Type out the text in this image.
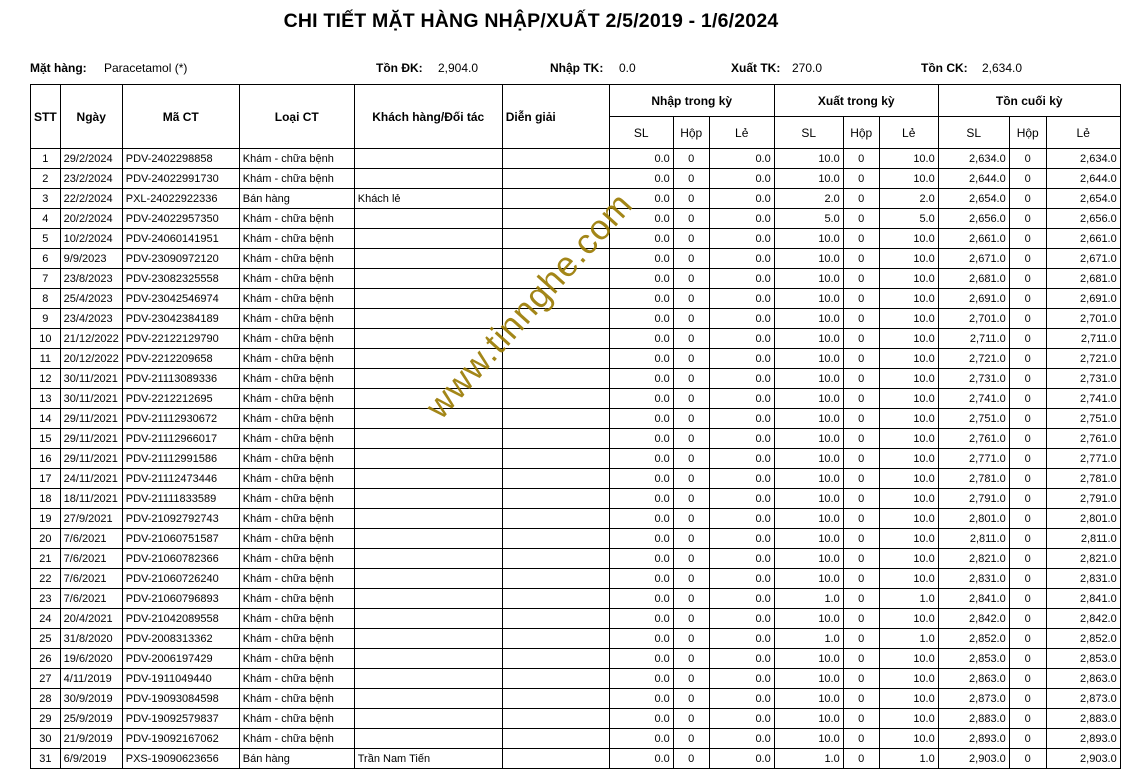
CHI TIẾT MẶT HÀNG NHẬP/XUẤT 2/5/2019 - 1/6/2024
Mặt hàng: Paracetamol (*)	Tồn ĐK: 2,904.0	Nhập TK: 0.0	Xuất TK: 270.0	Tồn CK: 2,634.0
STT	Ngày	Mã CT	Loại CT	Khách hàng/Đối tác	Diễn giải	Nhập trong kỳ			Xuất trong kỳ			Tồn cuối kỳ		
						SL	Hộp	Lẻ	SL	Hộp	Lẻ	SL	Hộp	Lẻ
1	29/2/2024	PDV-2402298858	Khám - chữa bệnh			0.0	0	0.0	10.0	0	10.0	2,634.0	0	2,634.0
2	23/2/2024	PDV-24022991730	Khám - chữa bệnh			0.0	0	0.0	10.0	0	10.0	2,644.0	0	2,644.0
3	22/2/2024	PXL-24022922336	Bán hàng	Khách lẻ		0.0	0	0.0	2.0	0	2.0	2,654.0	0	2,654.0
4	20/2/2024	PDV-24022957350	Khám - chữa bệnh			0.0	0	0.0	5.0	0	5.0	2,656.0	0	2,656.0
5	10/2/2024	PDV-24060141951	Khám - chữa bệnh			0.0	0	0.0	10.0	0	10.0	2,661.0	0	2,661.0
6	9/9/2023	PDV-23090972120	Khám - chữa bệnh			0.0	0	0.0	10.0	0	10.0	2,671.0	0	2,671.0
7	23/8/2023	PDV-23082325558	Khám - chữa bệnh			0.0	0	0.0	10.0	0	10.0	2,681.0	0	2,681.0
8	25/4/2023	PDV-23042546974	Khám - chữa bệnh			0.0	0	0.0	10.0	0	10.0	2,691.0	0	2,691.0
9	23/4/2023	PDV-23042384189	Khám - chữa bệnh			0.0	0	0.0	10.0	0	10.0	2,701.0	0	2,701.0
10	21/12/2022	PDV-22122129790	Khám - chữa bệnh			0.0	0	0.0	10.0	0	10.0	2,711.0	0	2,711.0
11	20/12/2022	PDV-2212209658	Khám - chữa bệnh			0.0	0	0.0	10.0	0	10.0	2,721.0	0	2,721.0
12	30/11/2021	PDV-21113089336	Khám - chữa bệnh			0.0	0	0.0	10.0	0	10.0	2,731.0	0	2,731.0
13	30/11/2021	PDV-2212212695	Khám - chữa bệnh			0.0	0	0.0	10.0	0	10.0	2,741.0	0	2,741.0
14	29/11/2021	PDV-21112930672	Khám - chữa bệnh			0.0	0	0.0	10.0	0	10.0	2,751.0	0	2,751.0
15	29/11/2021	PDV-21112966017	Khám - chữa bệnh			0.0	0	0.0	10.0	0	10.0	2,761.0	0	2,761.0
16	29/11/2021	PDV-21112991586	Khám - chữa bệnh			0.0	0	0.0	10.0	0	10.0	2,771.0	0	2,771.0
17	24/11/2021	PDV-21112473446	Khám - chữa bệnh			0.0	0	0.0	10.0	0	10.0	2,781.0	0	2,781.0
18	18/11/2021	PDV-21111833589	Khám - chữa bệnh			0.0	0	0.0	10.0	0	10.0	2,791.0	0	2,791.0
19	27/9/2021	PDV-21092792743	Khám - chữa bệnh			0.0	0	0.0	10.0	0	10.0	2,801.0	0	2,801.0
20	7/6/2021	PDV-21060751587	Khám - chữa bệnh			0.0	0	0.0	10.0	0	10.0	2,811.0	0	2,811.0
21	7/6/2021	PDV-21060782366	Khám - chữa bệnh			0.0	0	0.0	10.0	0	10.0	2,821.0	0	2,821.0
22	7/6/2021	PDV-21060726240	Khám - chữa bệnh			0.0	0	0.0	10.0	0	10.0	2,831.0	0	2,831.0
23	7/6/2021	PDV-21060796893	Khám - chữa bệnh			0.0	0	0.0	1.0	0	1.0	2,841.0	0	2,841.0
24	20/4/2021	PDV-21042089558	Khám - chữa bệnh			0.0	0	0.0	10.0	0	10.0	2,842.0	0	2,842.0
25	31/8/2020	PDV-2008313362	Khám - chữa bệnh			0.0	0	0.0	1.0	0	1.0	2,852.0	0	2,852.0
26	19/6/2020	PDV-2006197429	Khám - chữa bệnh			0.0	0	0.0	10.0	0	10.0	2,853.0	0	2,853.0
27	4/11/2019	PDV-1911049440	Khám - chữa bệnh			0.0	0	0.0	10.0	0	10.0	2,863.0	0	2,863.0
28	30/9/2019	PDV-19093084598	Khám - chữa bệnh			0.0	0	0.0	10.0	0	10.0	2,873.0	0	2,873.0
29	25/9/2019	PDV-19092579837	Khám - chữa bệnh			0.0	0	0.0	10.0	0	10.0	2,883.0	0	2,883.0
30	21/9/2019	PDV-19092167062	Khám - chữa bệnh			0.0	0	0.0	10.0	0	10.0	2,893.0	0	2,893.0
31	6/9/2019	PXS-19090623656	Bán hàng	Trần Nam Tiến		0.0	0	0.0	1.0	0	1.0	2,903.0	0	2,903.0
www.tinnghe.com
